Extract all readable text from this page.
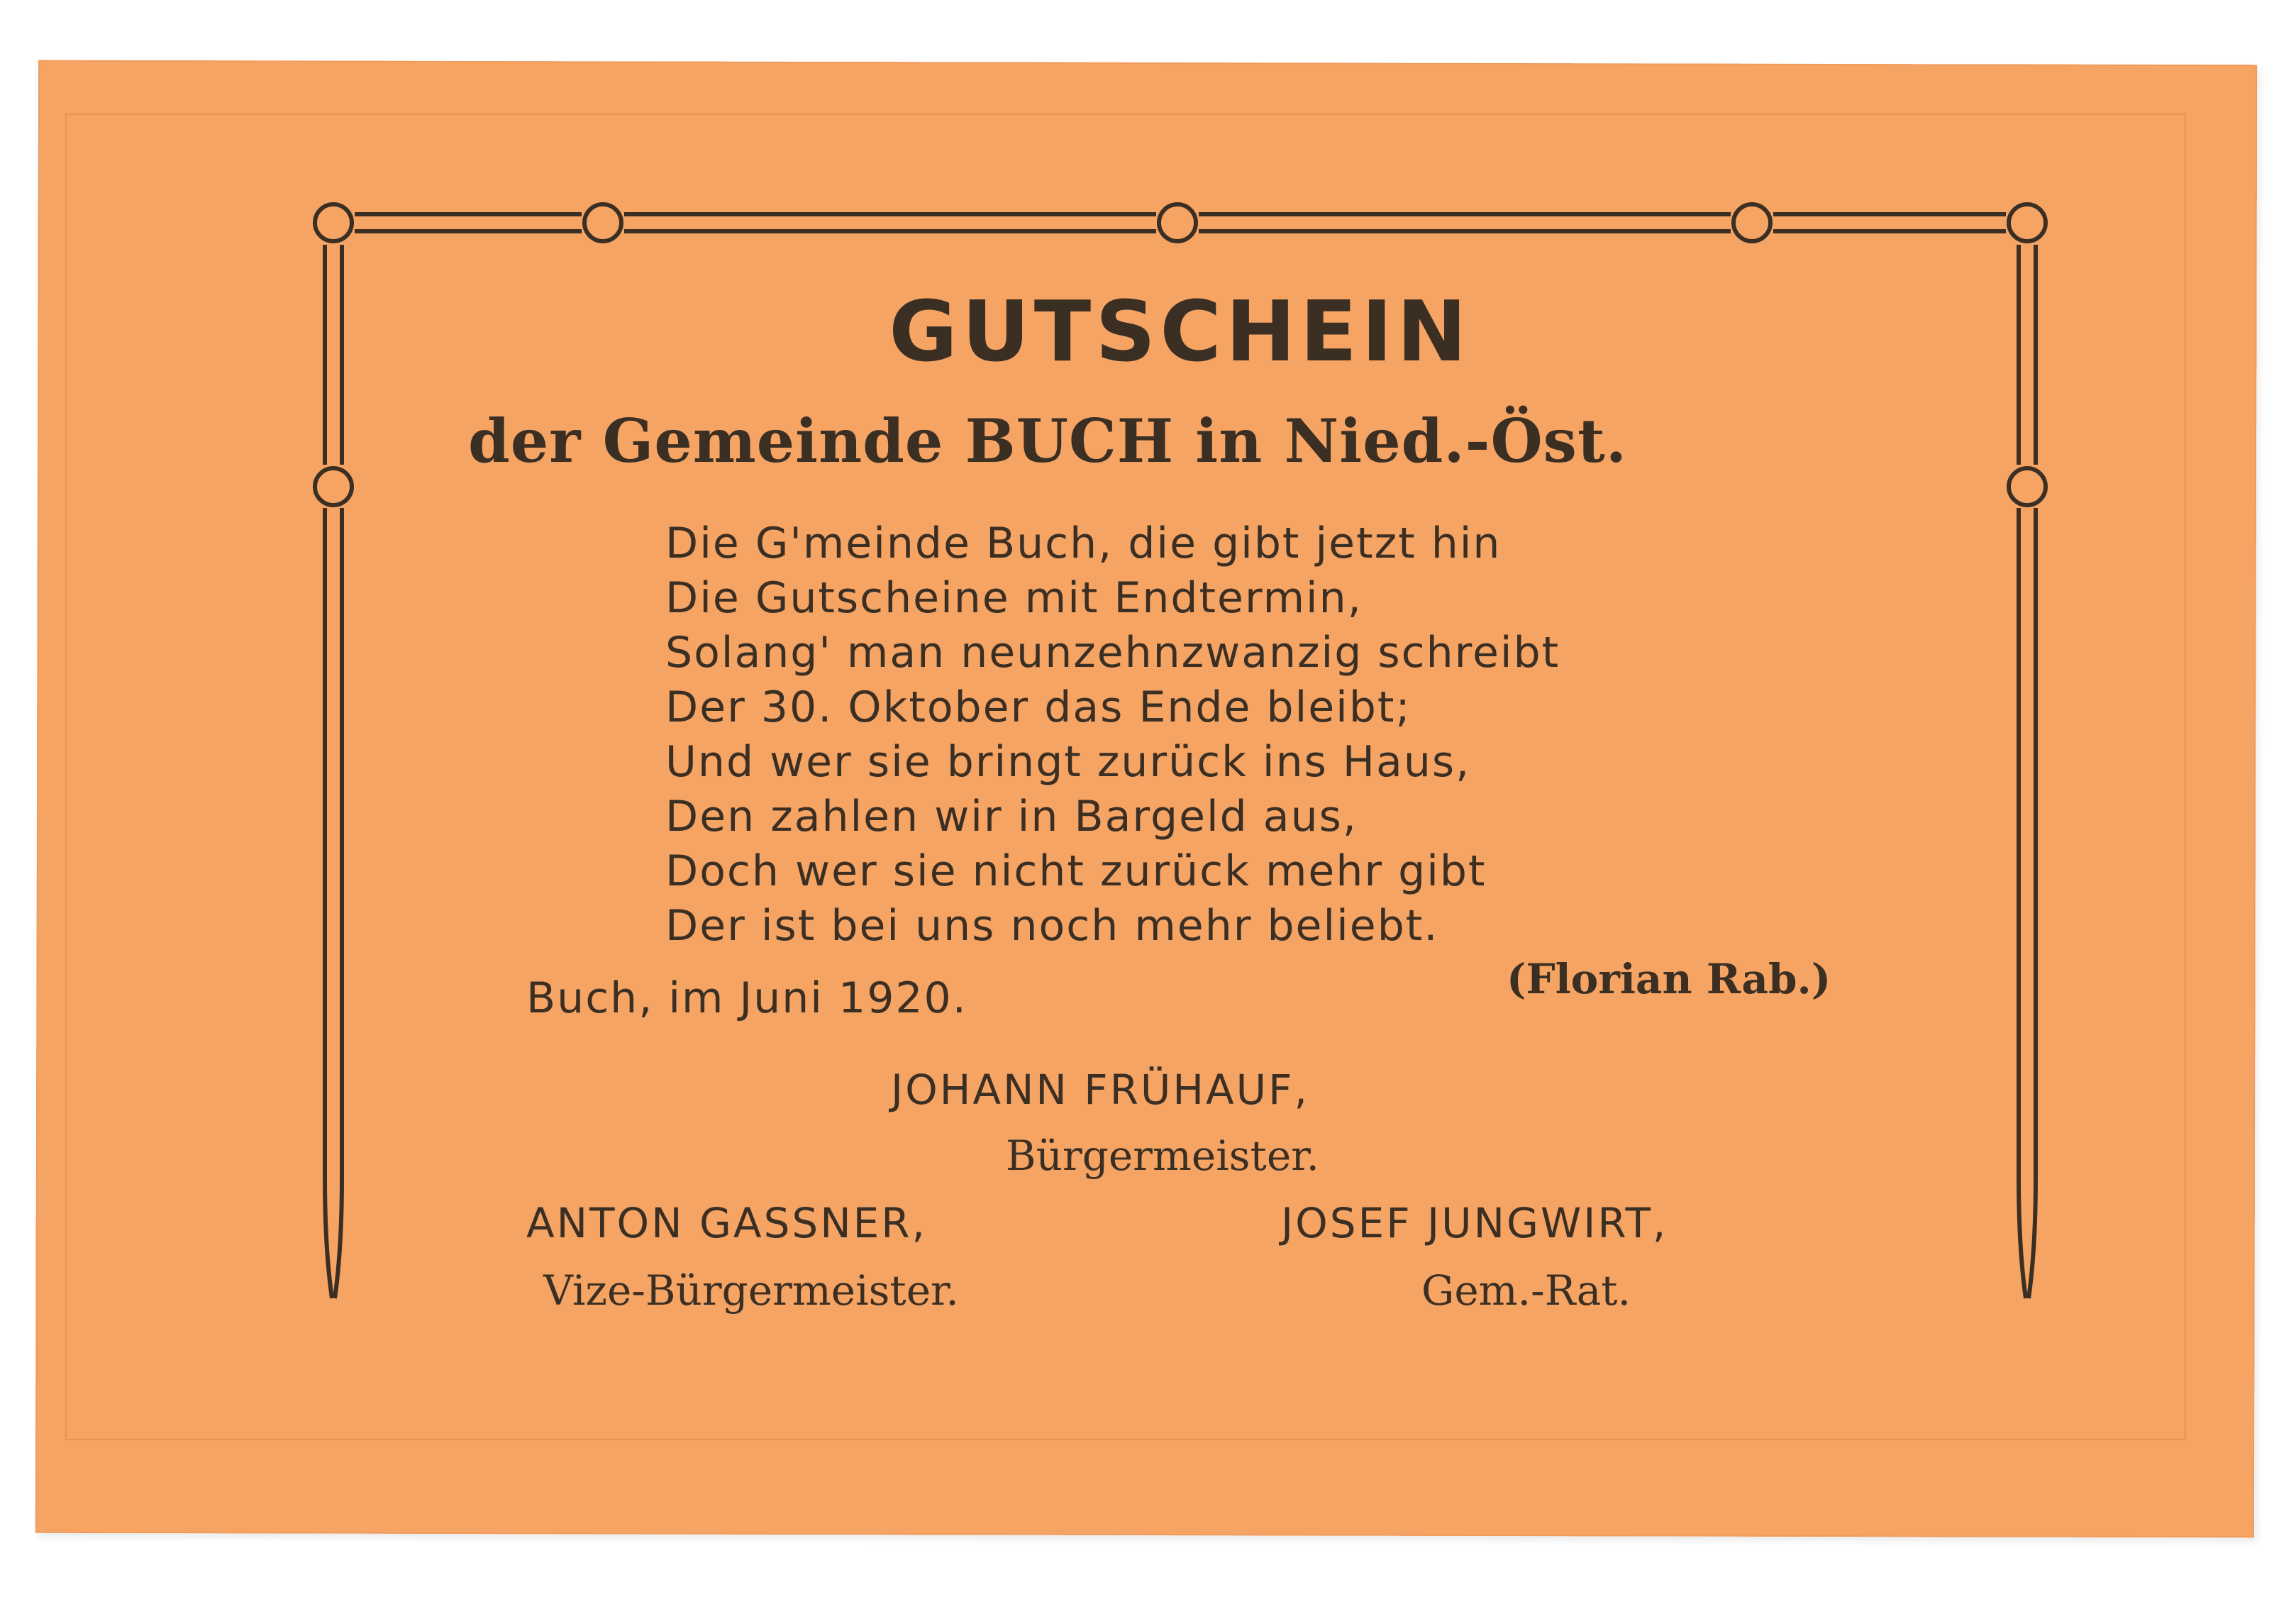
GUTSCHEIN
der Gemeinde BUCH in Nied.-Öst.
Die G'meinde Buch, die gibt jetzt hin
Die Gutscheine mit Endtermin,
Solang' man neunzehnzwanzig schreibt
Der 30. Oktober das Ende bleibt;
Und wer sie bringt zurück ins Haus,
Den zahlen wir in Bargeld aus,
Doch wer sie nicht zurück mehr gibt
Der ist bei uns noch mehr beliebt.
(Florian Rab.)
Buch, im Juni 1920.
JOHANN FRÜHAUF,
Bürgermeister.
ANTON GASSNER,
Vize-Bürgermeister.
JOSEF JUNGWIRT,
Gem.-Rat.
